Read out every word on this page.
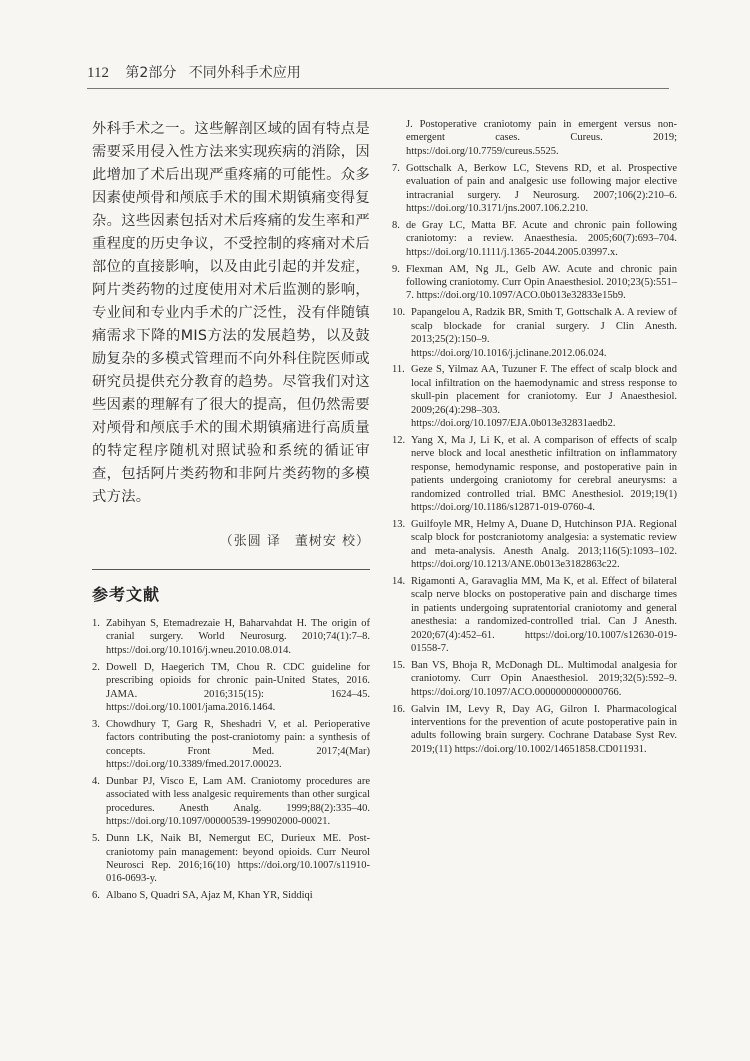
112 第2部分 不同外科手术应用

外科手术之一。这些解剖区域的固有特点是需要采用侵入性方法来实现疾病的消除，因此增加了术后出现严重疼痛的可能性。众多因素使颅骨和颅底手术的围术期镇痛变得复杂。这些因素包括对术后疼痛的发生率和严重程度的历史争议，不受控制的疼痛对术后部位的直接影响，以及由此引起的并发症，阿片类药物的过度使用对术后监测的影响，专业间和专业内手术的广泛性，没有伴随镇痛需求下降的MIS方法的发展趋势，以及鼓励复杂的多模式管理而不向外科住院医师或研究员提供充分教育的趋势。尽管我们对这些因素的理解有了很大的提高，但仍然需要对颅骨和颅底手术的围术期镇痛进行高质量的特定程序随机对照试验和系统的循证审查，包括阿片类药物和非阿片类药物的多模式方法。

（张圆 译　董树安 校）
参考文献
1. Zabihyan S, Etemadrezaie H, Baharvahdat H. The origin of cranial surgery. World Neurosurg. 2010;74(1):7–8. https://doi.org/10.1016/j.wneu.2010.08.014.
2. Dowell D, Haegerich TM, Chou R. CDC guideline for prescribing opioids for chronic pain-United States, 2016. JAMA. 2016;315(15): 1624–45. https://doi.org/10.1001/jama.2016.1464.
3. Chowdhury T, Garg R, Sheshadri V, et al. Perioperative factors contributing the post-craniotomy pain: a synthesis of concepts. Front Med. 2017;4(Mar) https://doi.org/10.3389/fmed.2017.00023.
4. Dunbar PJ, Visco E, Lam AM. Craniotomy procedures are associated with less analgesic requirements than other surgical procedures. Anesth Analg. 1999;88(2):335–40. https://doi.org/10.1097/00000539-199902000-00021.
5. Dunn LK, Naik BI, Nemergut EC, Durieux ME. Post-craniotomy pain management: beyond opioids. Curr Neurol Neurosci Rep. 2016;16(10) https://doi.org/10.1007/s11910-016-0693-y.
6. Albano S, Quadri SA, Ajaz M, Khan YR, Siddiqi
J. Postoperative craniotomy pain in emergent versus non-emergent cases. Cureus. 2019; https://doi.org/10.7759/cureus.5525.
7. Gottschalk A, Berkow LC, Stevens RD, et al. Prospective evaluation of pain and analgesic use following major elective intracranial surgery. J Neurosurg. 2007;106(2):210–6. https://doi.org/10.3171/jns.2007.106.2.210.
8. de Gray LC, Matta BF. Acute and chronic pain following craniotomy: a review. Anaesthesia. 2005;60(7):693–704. https://doi.org/10.1111/j.1365-2044.2005.03997.x.
9. Flexman AM, Ng JL, Gelb AW. Acute and chronic pain following craniotomy. Curr Opin Anaesthesiol. 2010;23(5):551–7. https://doi.org/10.1097/ACO.0b013e32833e15b9.
10. Papangelou A, Radzik BR, Smith T, Gottschalk A. A review of scalp blockade for cranial surgery. J Clin Anesth. 2013;25(2):150–9. https://doi.org/10.1016/j.jclinane.2012.06.024.
11. Geze S, Yilmaz AA, Tuzuner F. The effect of scalp block and local infiltration on the haemodynamic and stress response to skull-pin placement for craniotomy. Eur J Anaesthesiol. 2009;26(4):298–303. https://doi.org/10.1097/EJA.0b013e32831aedb2.
12. Yang X, Ma J, Li K, et al. A comparison of effects of scalp nerve block and local anesthetic infiltration on inflammatory response, hemodynamic response, and postoperative pain in patients undergoing craniotomy for cerebral aneurysms: a randomized controlled trial. BMC Anesthesiol. 2019;19(1) https://doi.org/10.1186/s12871-019-0760-4.
13. Guilfoyle MR, Helmy A, Duane D, Hutchinson PJA. Regional scalp block for postcraniotomy analgesia: a systematic review and meta-analysis. Anesth Analg. 2013;116(5):1093–102. https://doi.org/10.1213/ANE.0b013e3182863c22.
14. Rigamonti A, Garavaglia MM, Ma K, et al. Effect of bilateral scalp nerve blocks on postoperative pain and discharge times in patients undergoing supratentorial craniotomy and general anesthesia: a randomized-controlled trial. Can J Anesth. 2020;67(4):452–61. https://doi.org/10.1007/s12630-019-01558-7.
15. Ban VS, Bhoja R, McDonagh DL. Multimodal analgesia for craniotomy. Curr Opin Anaesthesiol. 2019;32(5):592–9. https://doi.org/10.1097/ACO.0000000000000766.
16. Galvin IM, Levy R, Day AG, Gilron I. Pharmacological interventions for the prevention of acute postoperative pain in adults following brain surgery. Cochrane Database Syst Rev. 2019;(11) https://doi.org/10.1002/14651858.CD011931.
